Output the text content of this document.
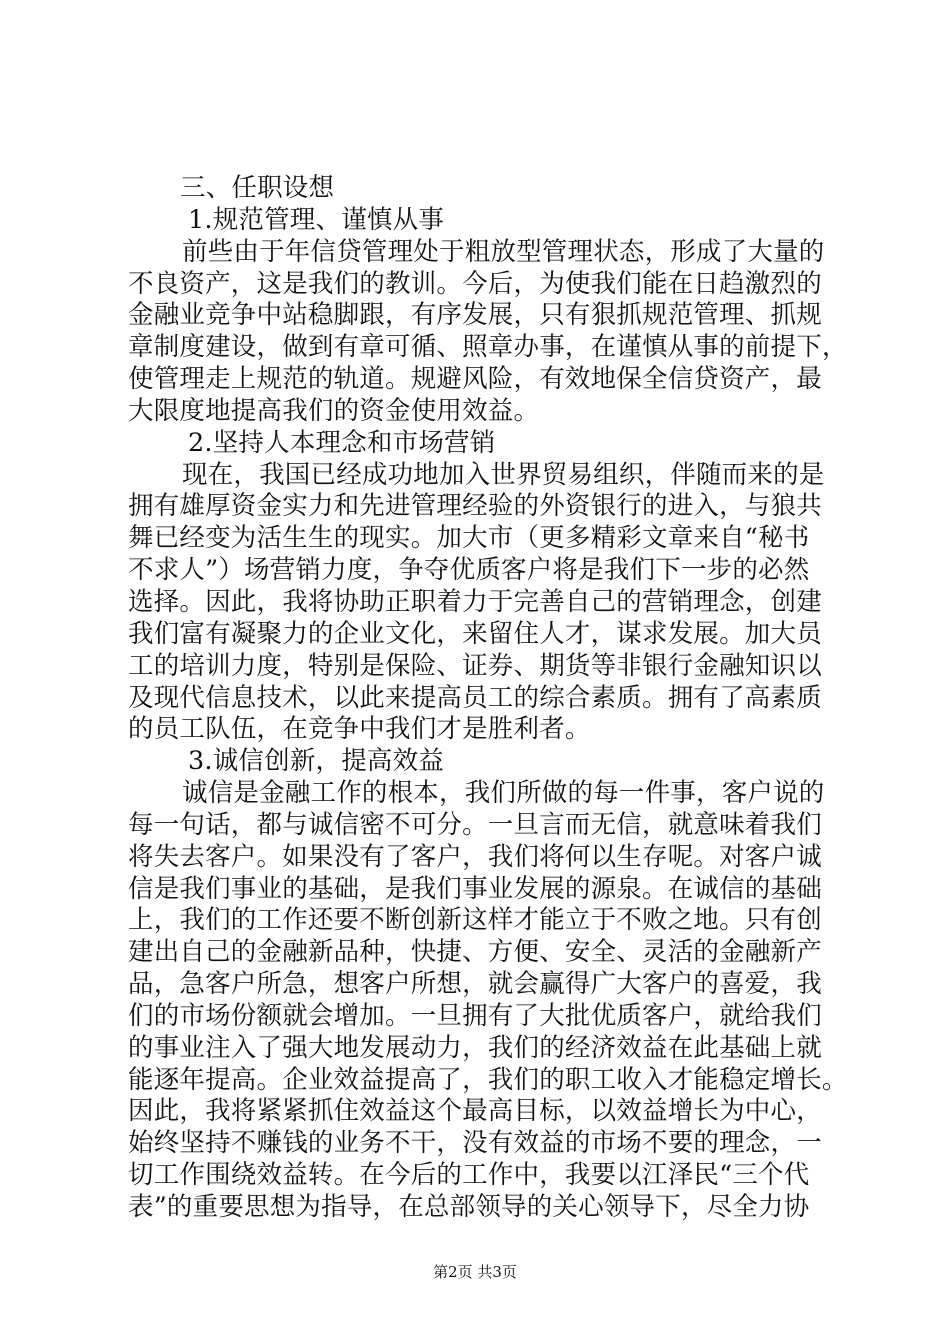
三、任职设想
1.规范管理、谨慎从事
前些由于年信贷管理处于粗放型管理状态，形成了大量的
不良资产，这是我们的教训。今后，为使我们能在日趋激烈的
金融业竞争中站稳脚跟，有序发展，只有狠抓规范管理、抓规
章制度建设，做到有章可循、照章办事，在谨慎从事的前提下，
使管理走上规范的轨道。规避风险，有效地保全信贷资产，最
大限度地提高我们的资金使用效益。
2.坚持人本理念和市场营销
现在，我国已经成功地加入世界贸易组织，伴随而来的是
拥有雄厚资金实力和先进管理经验的外资银行的进入，与狼共
舞已经变为活生生的现实。加大市（更多精彩文章来自“秘书
不求人”）场营销力度，争夺优质客户将是我们下一步的必然
选择。因此，我将协助正职着力于完善自己的营销理念，创建
我们富有凝聚力的企业文化，来留住人才，谋求发展。加大员
工的培训力度，特别是保险、证券、期货等非银行金融知识以
及现代信息技术，以此来提高员工的综合素质。拥有了高素质
的员工队伍，在竞争中我们才是胜利者。
3.诚信创新，提高效益
诚信是金融工作的根本，我们所做的每一件事，客户说的
每一句话，都与诚信密不可分。一旦言而无信，就意味着我们
将失去客户。如果没有了客户，我们将何以生存呢。对客户诚
信是我们事业的基础，是我们事业发展的源泉。在诚信的基础
上，我们的工作还要不断创新这样才能立于不败之地。只有创
建出自己的金融新品种，快捷、方便、安全、灵活的金融新产
品，急客户所急，想客户所想，就会赢得广大客户的喜爱，我
们的市场份额就会增加。一旦拥有了大批优质客户，就给我们
的事业注入了强大地发展动力，我们的经济效益在此基础上就
能逐年提高。企业效益提高了，我们的职工收入才能稳定增长。
因此，我将紧紧抓住效益这个最高目标，以效益增长为中心，
始终坚持不赚钱的业务不干，没有效益的市场不要的理念，一
切工作围绕效益转。在今后的工作中，我要以江泽民“三个代
表”的重要思想为指导，在总部领导的关心领导下，尽全力协
第2页 共3页
